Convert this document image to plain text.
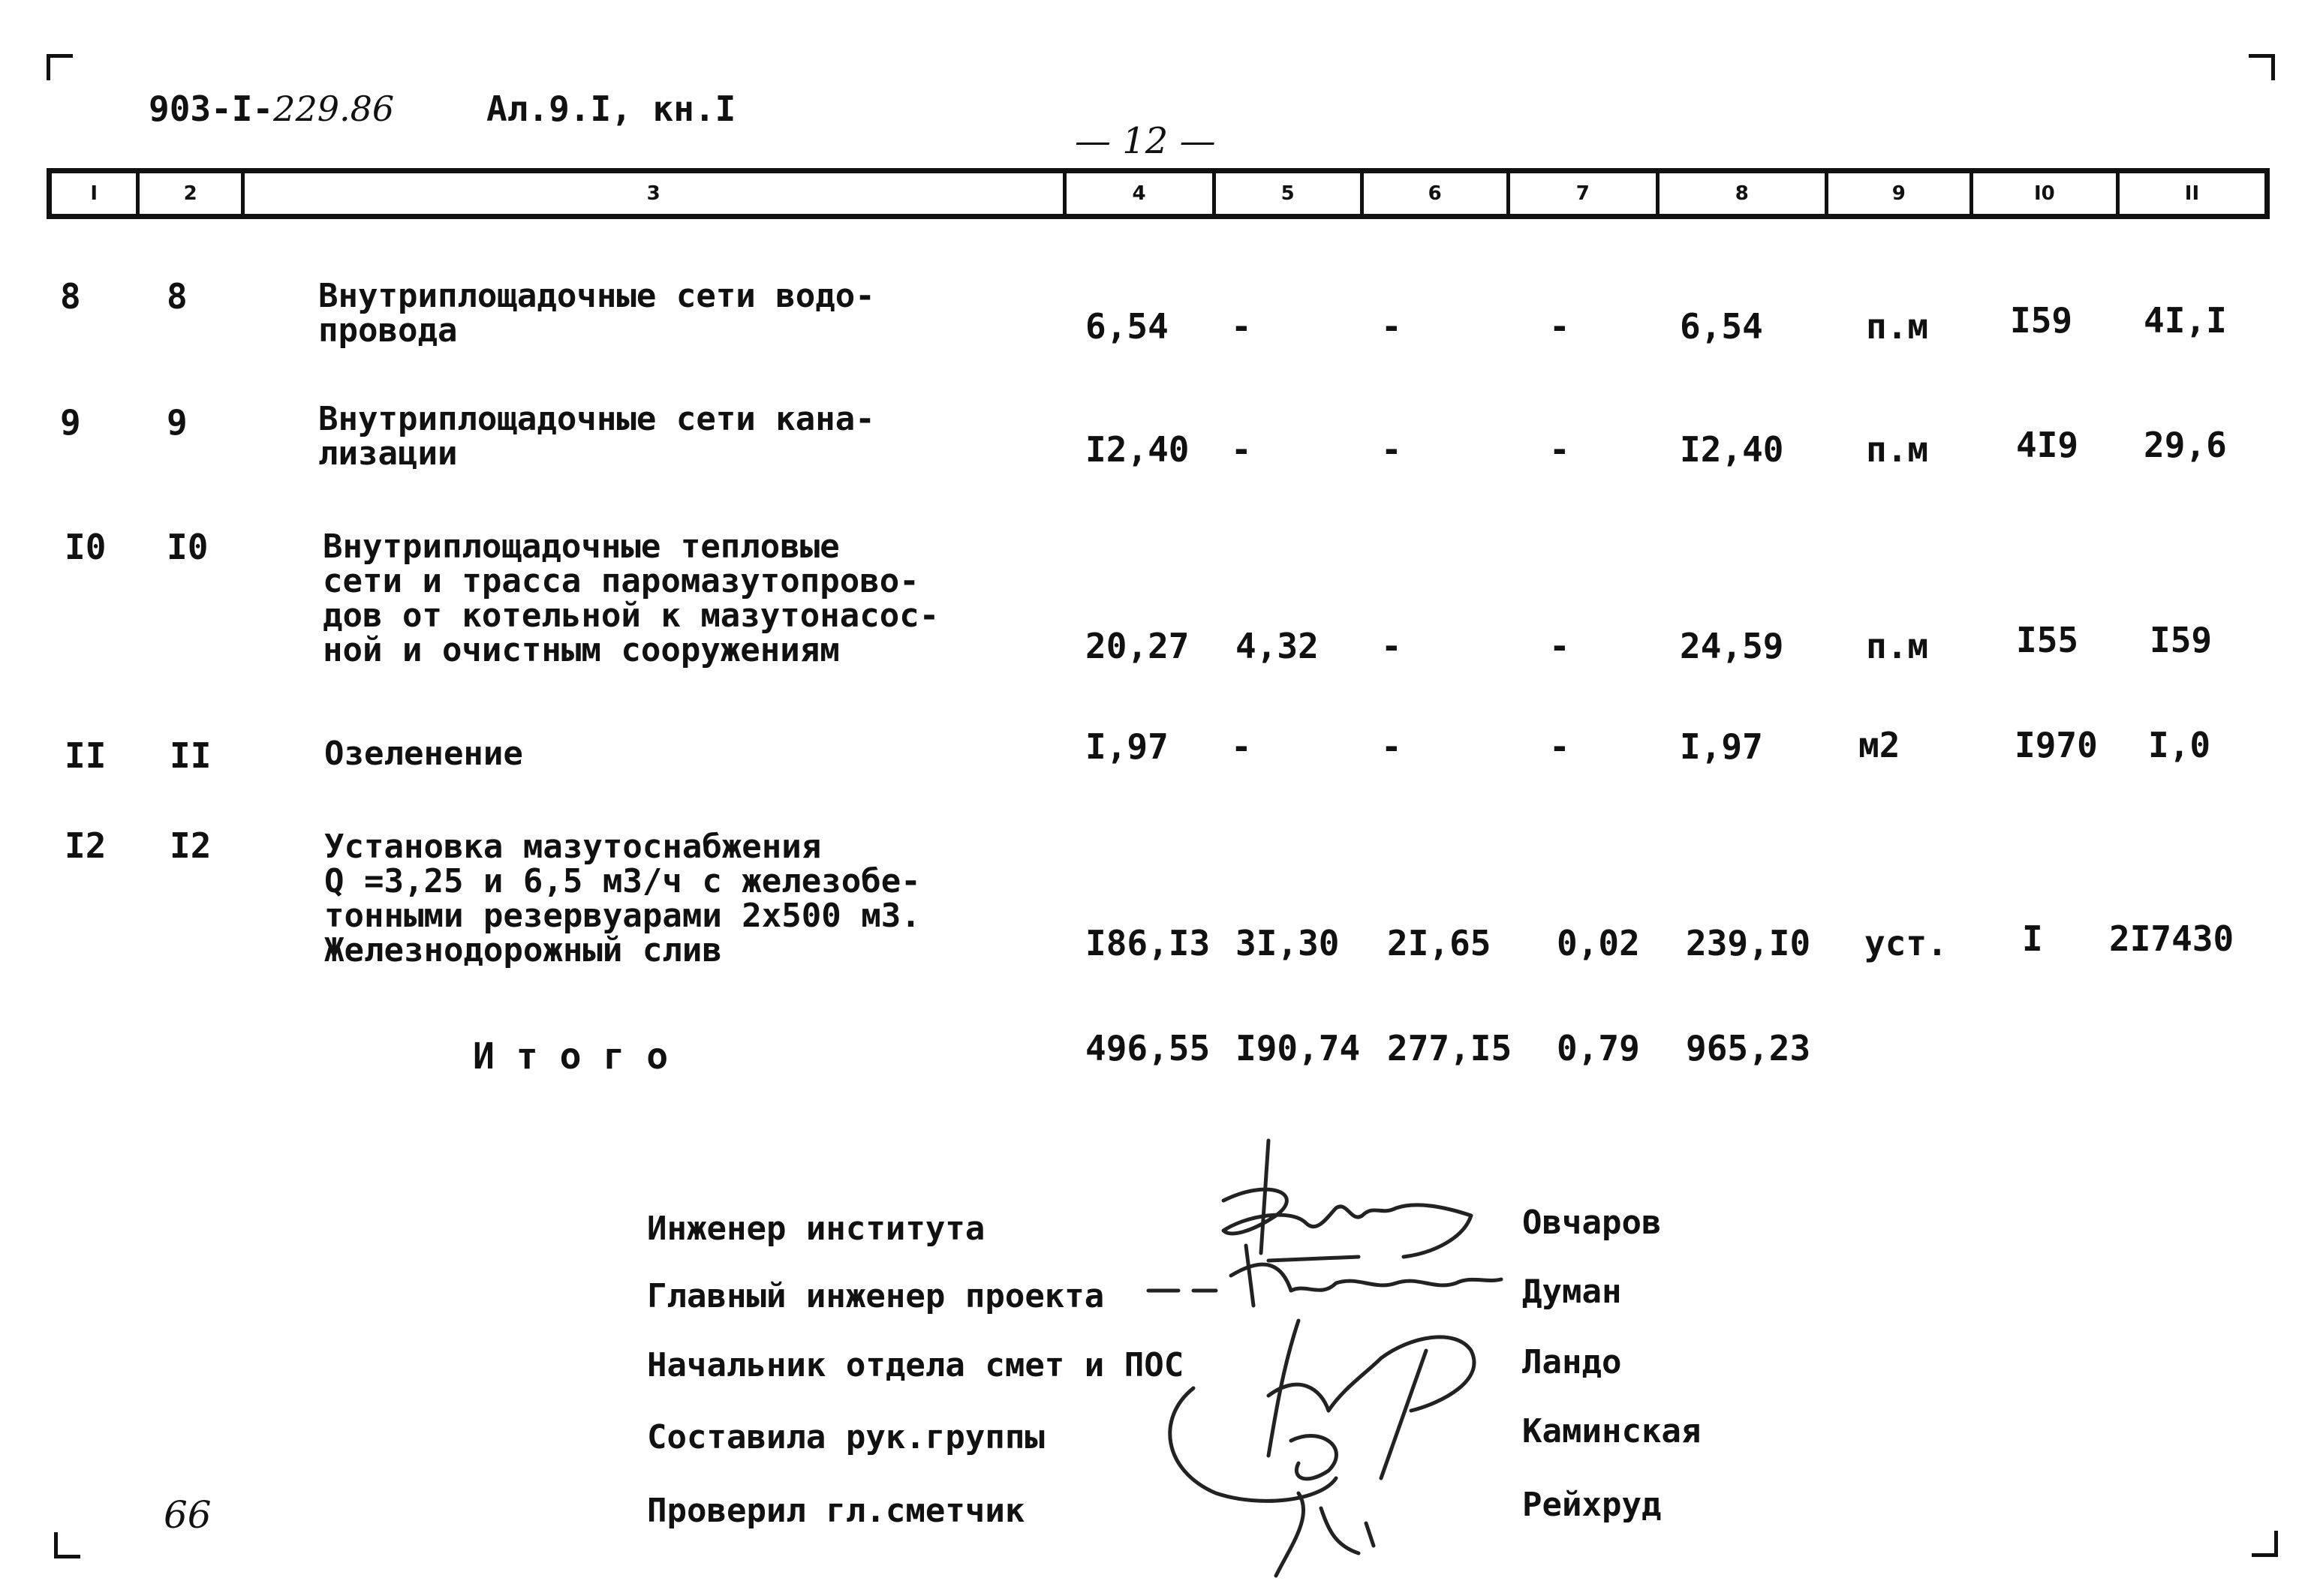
903-I-229.86	Ал.9.I, кн.I
— 12 —
I	2	3	4	5	6	7	8	9	I0	II
8 8	Внутриплощадочные сети водо-
провода	6,54 -	-	-	6,54	п.м I59 4I,I
9 9	Внутриплощадочные сети кана-
лизации	I2,40 -	-	-	I2,40 п.м	4I9 29,6
I0 I0	Внутриплощадочные тепловые
сети и трасса паромазутопрово-
дов от котельной к мазутонасос-
ной и очистным сооружениям	20,27 4,32 -	-	24,59 п.м	I55 I59
II II	Озеленение	I,97 -	-	-	I,97	м2	I970 I,0
I2 I2	Установка мазутоснабжения
Q =3,25 и 6,5 м3/ч с железобе-
тонными резервуарами 2х500 м3.
Железнодорожный слив	I86,I3 3I,30 2I,65 0,02 239,I0 уст. I 2I7430
И т о г о	496,55 I90,74 277,I5 0,79 965,23
Инженер института	Овчаров
Главный инженер проекта	Думан
Начальник отдела смет и ПОС	Ландо
Составила рук.группы	Каминская
Проверил гл.сметчик	Рейхруд
66
